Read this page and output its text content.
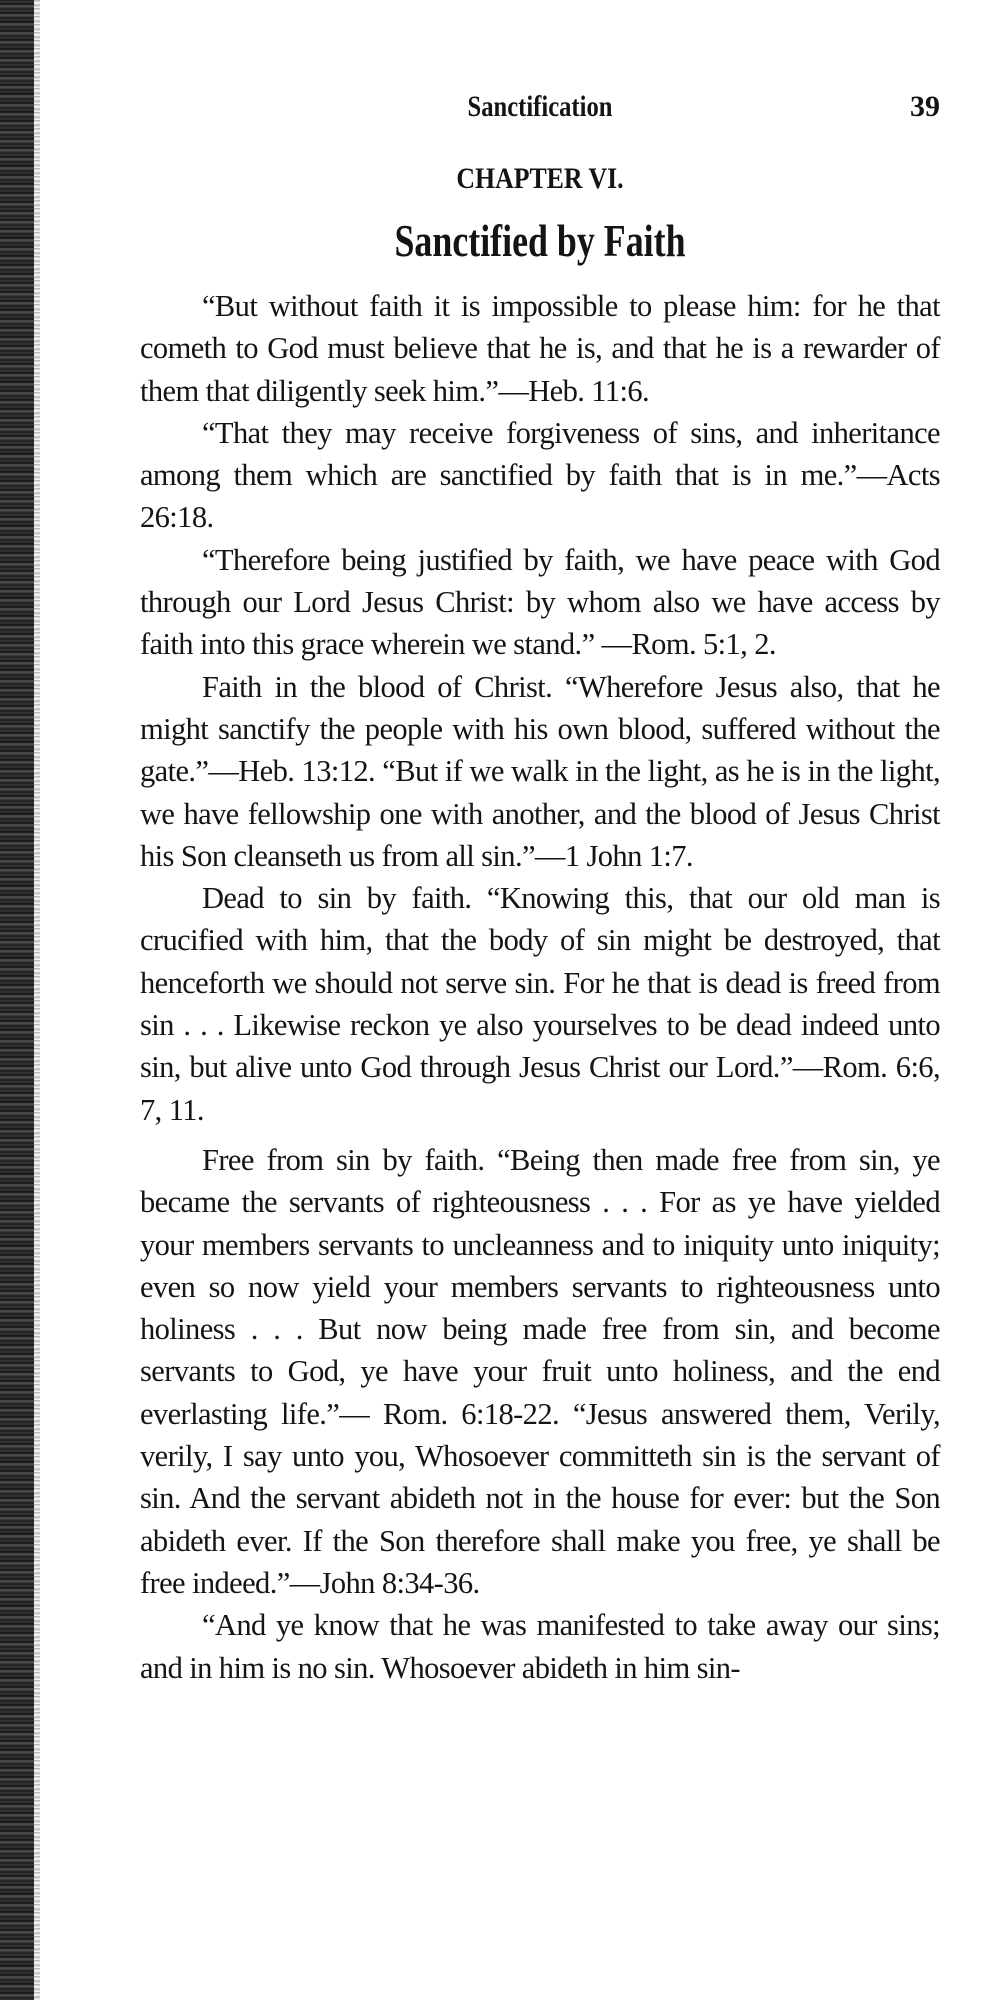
Sanctification	39
CHAPTER VI.
Sanctified by Faith

“But without faith it is impossible to please him: for he that cometh to God must believe that he is, and that he is a rewarder of them that diligently seek him.”—Heb. 11:6.

“That they may receive forgiveness of sins, and inheritance among them which are sanctified by faith that is in me.”—Acts 26:18.

“Therefore being justified by faith, we have peace with God through our Lord Jesus Christ: by whom also we have access by faith into this grace wherein we stand.” —Rom. 5:1, 2.

Faith in the blood of Christ. “Wherefore Jesus also, that he might sanctify the people with his own blood, suffered without the gate.”—Heb. 13:12. “But if we walk in the light, as he is in the light, we have fellowship one with another, and the blood of Jesus Christ his Son cleanseth us from all sin.”—1 John 1:7.

Dead to sin by faith. “Knowing this, that our old man is crucified with him, that the body of sin might be destroyed, that henceforth we should not serve sin. For he that is dead is freed from sin . . . Likewise reckon ye also yourselves to be dead indeed unto sin, but alive unto God through Jesus Christ our Lord.”—Rom. 6:6, 7, 11.

Free from sin by faith. “Being then made free from sin, ye became the servants of righteousness . . . For as ye have yielded your members servants to uncleanness and to iniquity unto iniquity; even so now yield your members servants to righteousness unto holiness . . . But now being made free from sin, and become servants to God, ye have your fruit unto holiness, and the end everlasting life.”— Rom. 6:18-22. “Jesus answered them, Verily, verily, I say unto you, Whosoever committeth sin is the servant of sin. And the servant abideth not in the house for ever: but the Son abideth ever. If the Son therefore shall make you free, ye shall be free indeed.”—John 8:34-36.

“And ye know that he was manifested to take away our sins; and in him is no sin. Whosoever abideth in him sin-
